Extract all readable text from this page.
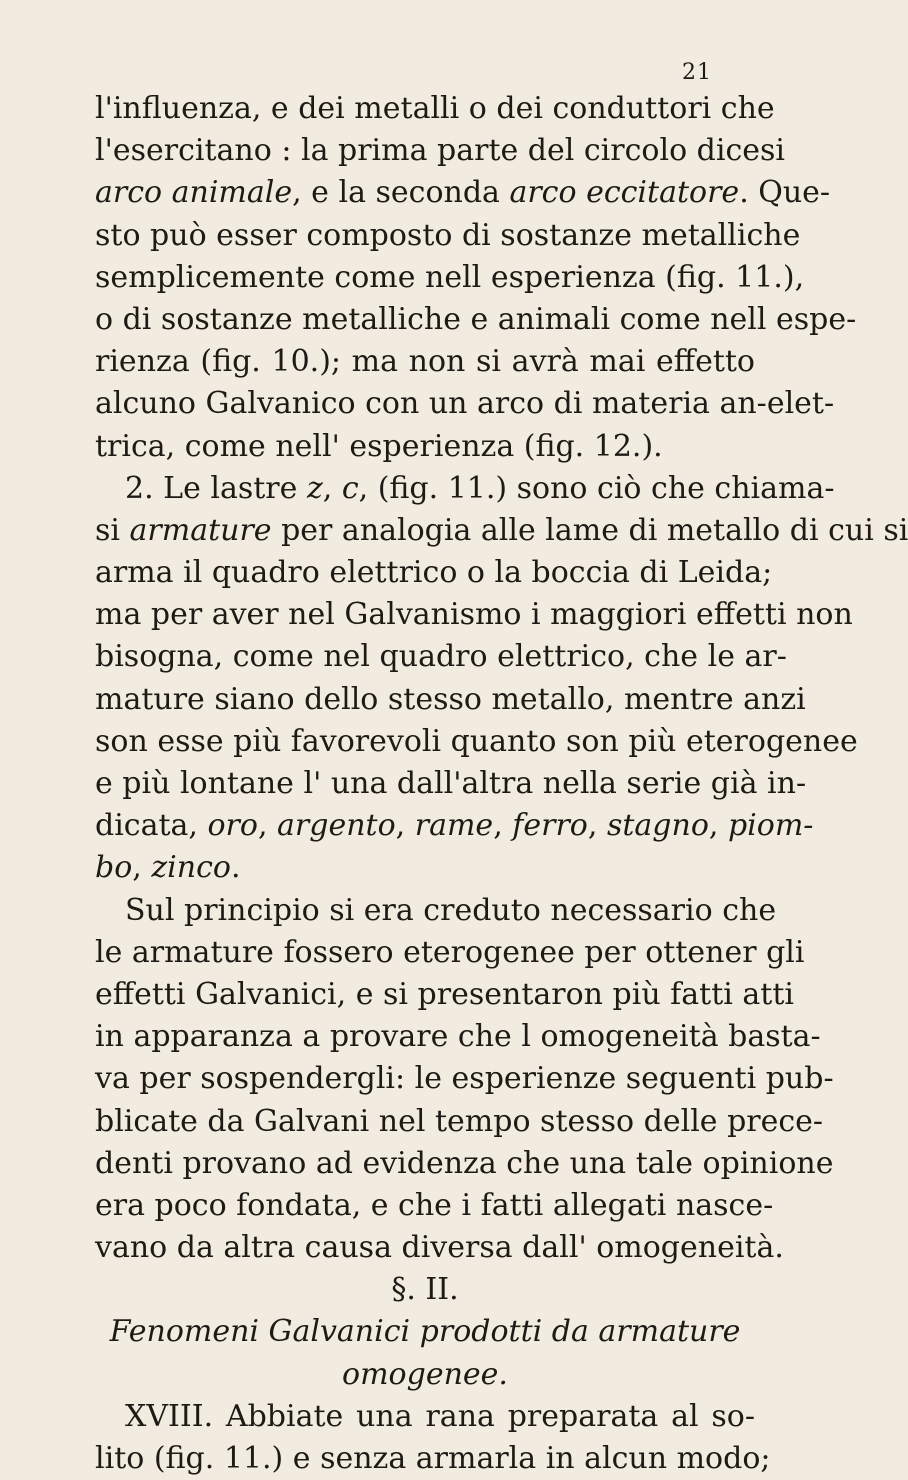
21
l'influenza, e dei metalli o dei conduttori che
l'esercitano : la prima parte del circolo dicesi
arco animale, e la seconda arco eccitatore. Que-
sto può esser composto di sostanze metalliche
semplicemente come nell esperienza (fig. 11.),
o di sostanze metalliche e animali come nell espe-
rienza (fig. 10.); ma non si avrà mai effetto
alcuno Galvanico con un arco di materia an-elet-
trica, come nell' esperienza (fig. 12.).
2. Le lastre z, c, (fig. 11.) sono ciò che chiama-
si armature per analogia alle lame di metallo di cui si
arma il quadro elettrico o la boccia di Leida;
ma per aver nel Galvanismo i maggiori effetti non
bisogna, come nel quadro elettrico, che le ar-
mature siano dello stesso metallo, mentre anzi
son esse più favorevoli quanto son più eterogenee
e più lontane l' una dall'altra nella serie già in-
dicata, oro, argento, rame, ferro, stagno, piom-
bo, zinco.
Sul principio si era creduto necessario che
le armature fossero eterogenee per ottener gli
effetti Galvanici, e si presentaron più fatti atti
in apparanza a provare che l omogeneità basta-
va per sospendergli: le esperienze seguenti pub-
blicate da Galvani nel tempo stesso delle prece-
denti provano ad evidenza che una tale opinione
era poco fondata, e che i fatti allegati nasce-
vano da altra causa diversa dall' omogeneità.
§. II.
Fenomeni Galvanici prodotti da armature
omogenee.
XVIII. Abbiate una rana preparata al so-
lito (fig. 11.) e senza armarla in alcun modo;
